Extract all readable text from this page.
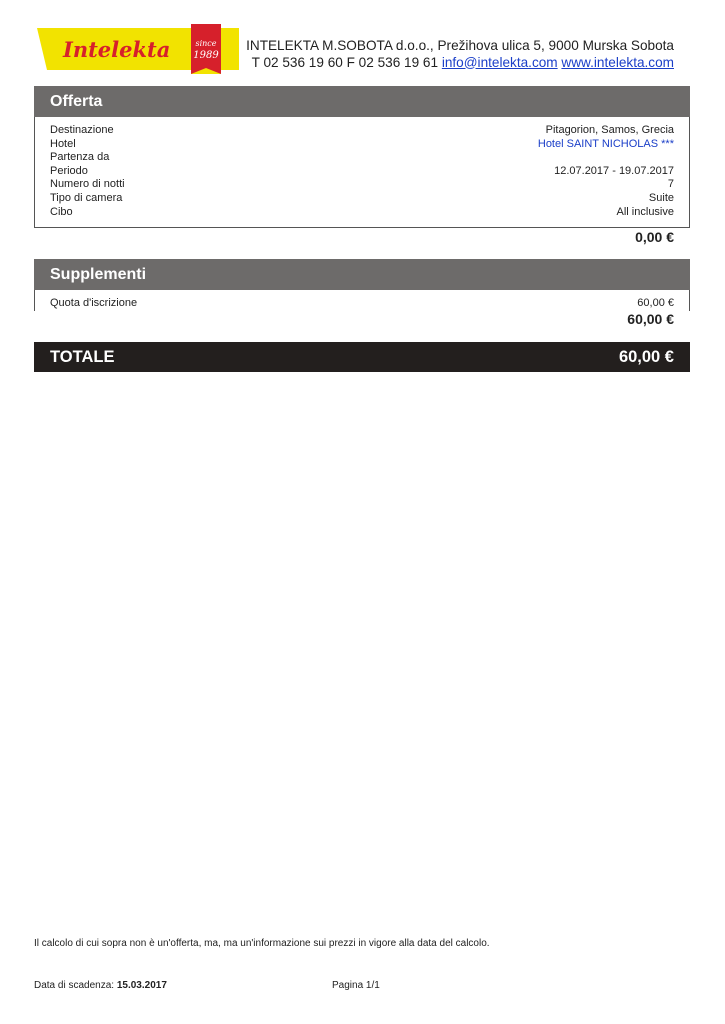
Intelekta	since
1989
INTELEKTA M.SOBOTA d.o.o., Prežihova ulica 5, 9000 Murska Sobota
T 02 536 19 60 F 02 536 19 61 info@intelekta.com www.intelekta.com
Offerta
Destinazione	Pitagorion, Samos, Grecia
Hotel	Hotel SAINT NICHOLAS ***
Partenza da
Periodo	12.07.2017 - 19.07.2017
Numero di notti	7
Tipo di camera	Suite
Cibo	All inclusive
0,00 €
Supplementi
Quota d'iscrizione	60,00 €
60,00 €
TOTALE	60,00 €
Il calcolo di cui sopra non è un'offerta, ma, ma un'informazione sui prezzi in vigore alla data del calcolo.
Data di scadenza: 15.03.2017	Pagina 1/1
